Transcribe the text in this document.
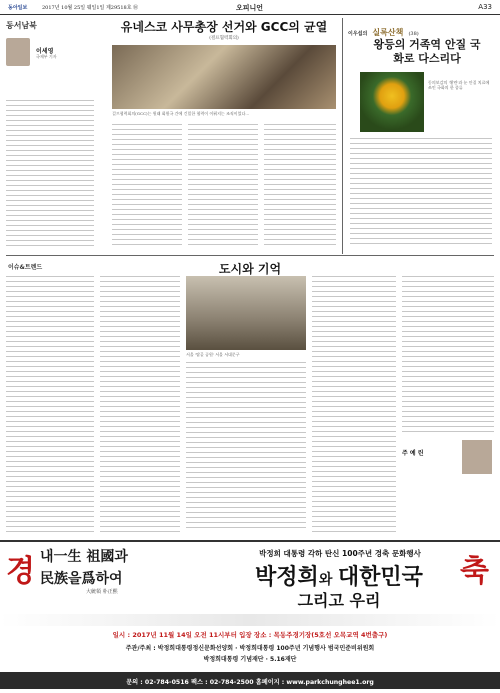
동아일보	2017년 10월 25일 웨일1일 제29518호 ⑩	오피니언	A33
동서남북
이세영
국제부 기자
유네스코 사무총장 선거와 GCC의 균열
(걸프협력회의)
걸프협력회의(GCC)는 원래 회원국 간에 긴밀한 협력이 이뤄지는 조직이었다...
이우섭의 실록산책 (38)
왕등의 거족역 안질 국화로 다스리다
동의보감의 '황련'과 눈 안질 치료에 쓰인 국화의 한 종류
이슈&트렌드	도시와 기억
서울 '탑골 공원' 서울 서대문구
주 예 린
경	축
내一生 祖國과
民族을爲하여
大統領 朴正熙
박정희 대통령 각하 탄신 100주년 경축 문화행사
박정희와 대한민국
그리고 우리
일시 : 2017년 11월 14일 오전 11시부터 입장 장소 : 목동주경기장(5호선 오목교역 4번출구)
주관/주최 : 박정희대통령정신문화선양회 · 박정희대통령 100주년 기념행사 범국민준비위원회
박정희대통령 기념재단 · 5.16재단
문의 : 02-784-0516 팩스 : 02-784-2500 홈페이지 : www.parkchunghee1.org
